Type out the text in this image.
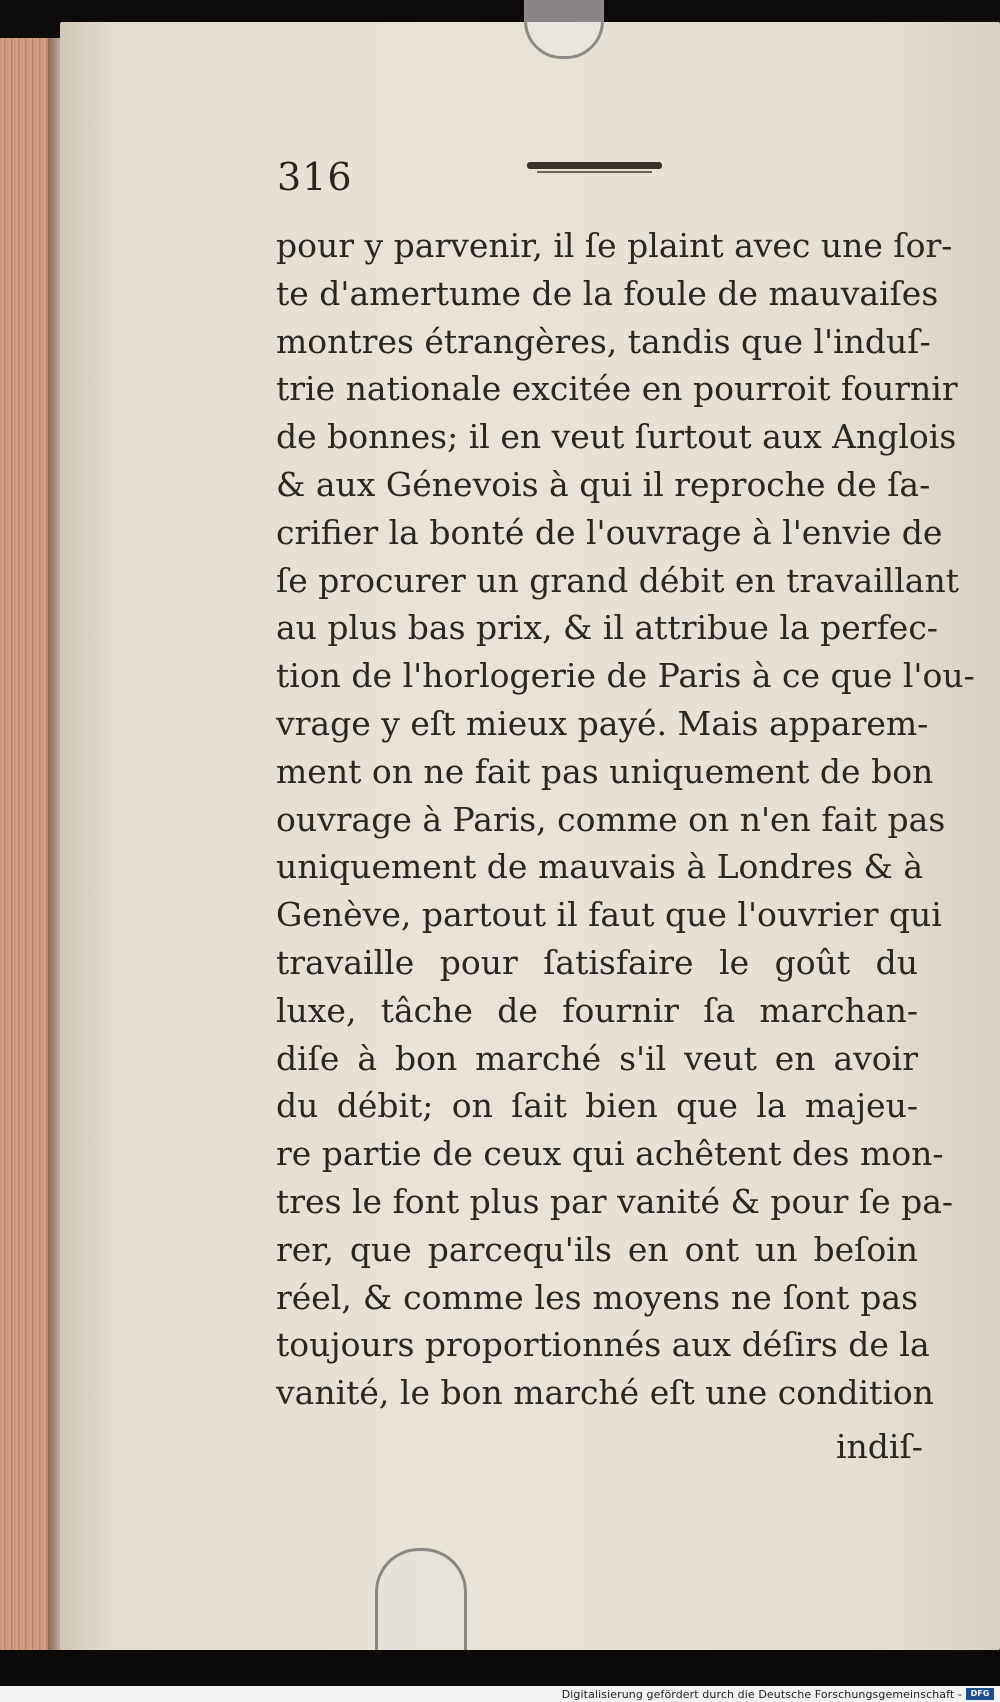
316
pour y parvenir, il ſe plaint avec une ſor-
te d'amertume de la foule de mauvaiſes
montres étrangères, tandis que l'induſ-
trie nationale excitée en pourroit fournir
de bonnes; il en veut ſurtout aux Anglois
& aux Génevois à qui il reproche de ſa-
crifier la bonté de l'ouvrage à l'envie de
ſe procurer un grand débit en travaillant
au plus bas prix, & il attribue la perfec-
tion de l'horlogerie de Paris à ce que l'ou-
vrage y eſt mieux payé. Mais apparem-
ment on ne fait pas uniquement de bon
ouvrage à Paris, comme on n'en fait pas
uniquement de mauvais à Londres & à
Genève, partout il faut que l'ouvrier qui
travaille pour ſatisfaire le goût du
luxe, tâche de fournir ſa marchan-
diſe à bon marché s'il veut en avoir
du débit; on ſait bien que la majeu-
re partie de ceux qui achêtent des mon-
tres le font plus par vanité & pour ſe pa-
rer, que parcequ'ils en ont un beſoin
réel, & comme les moyens ne ſont pas
toujours proportionnés aux déſirs de la
vanité, le bon marché eſt une condition
indiſ-
Digitalisierung gefördert durch die Deutsche Forschungsgemeinschaft -	DFG
